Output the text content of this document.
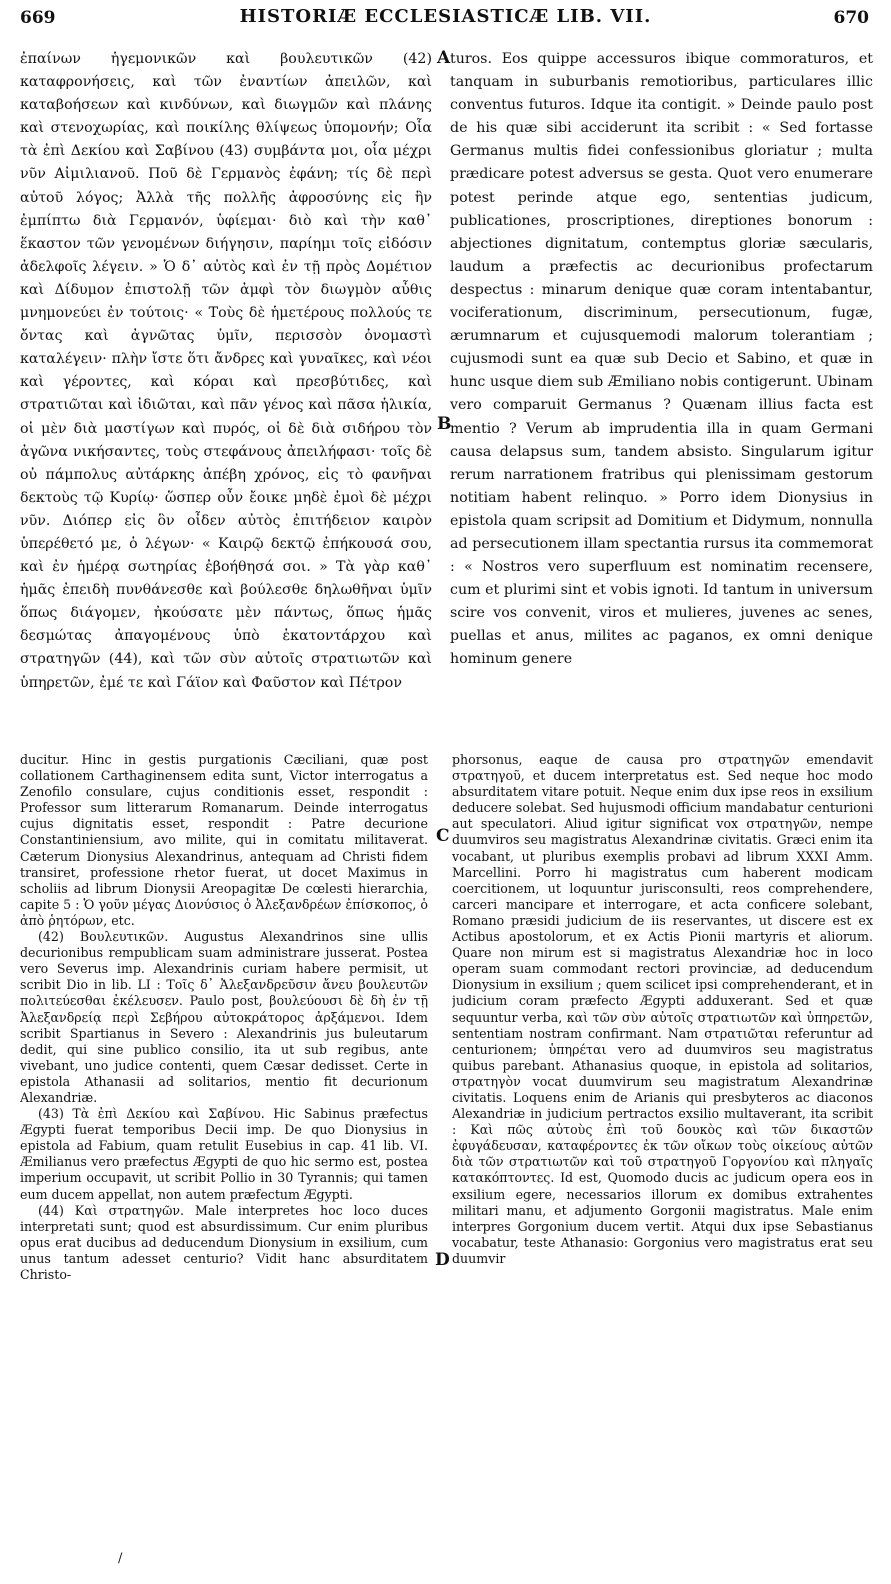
669	HISTORIÆ ECCLESIASTICÆ LIB. VII.	670

ἐπαίνων ἡγεμονικῶν καὶ βουλευτικῶν (42) καταφρονήσεις, καὶ τῶν ἐναντίων ἀπειλῶν, καὶ καταβοήσεων καὶ κινδύνων, καὶ διωγμῶν καὶ πλάνης καὶ στενοχωρίας, καὶ ποικίλης θλίψεως ὑπομονήν; Οἷα τὰ ἐπὶ Δεκίου καὶ Σαβίνου (43) συμβάντα μοι, οἷα μέχρι νῦν Αἰμιλιανοῦ. Ποῦ δὲ Γερμανὸς ἐφάνη; τίς δὲ περὶ αὐτοῦ λόγος; Ἀλλὰ τῆς πολλῆς ἀφροσύνης εἰς ἣν ἐμπίπτω διὰ Γερμανόν, ὑφίεμαι· διὸ καὶ τὴν καθ᾽ ἕκαστον τῶν γενομένων διήγησιν, παρίημι τοῖς εἰδόσιν ἀδελφοῖς λέγειν. » Ὁ δ᾽ αὐτὸς καὶ ἐν τῇ πρὸς Δομέτιον καὶ Δίδυμον ἐπιστολῇ τῶν ἀμφὶ τὸν διωγμὸν αὖθις μνημονεύει ἐν τούτοις· « Τοὺς δὲ ἡμετέρους πολλούς τε ὄντας καὶ ἀγνῶτας ὑμῖν, περισσὸν ὀνομαστὶ καταλέγειν· πλὴν ἴστε ὅτι ἄνδρες καὶ γυναῖκες, καὶ νέοι καὶ γέροντες, καὶ κόραι καὶ πρεσβύτιδες, καὶ στρατιῶται καὶ ἰδιῶται, καὶ πᾶν γένος καὶ πᾶσα ἡλικία, οἱ μὲν διὰ μαστίγων καὶ πυρός, οἱ δὲ διὰ σιδήρου τὸν ἀγῶνα νικήσαντες, τοὺς στεφάνους ἀπειλήφασι· τοῖς δὲ οὐ πάμπολυς αὐτάρκης ἀπέβη χρόνος, εἰς τὸ φανῆναι δεκτοὺς τῷ Κυρίῳ· ὥσπερ οὖν ἔοικε μηδὲ ἐμοὶ δὲ μέχρι νῦν. Διόπερ εἰς ὃν οἶδεν αὐτὸς ἐπιτήδειον καιρὸν ὑπερέθετό με, ὁ λέγων· « Καιρῷ δεκτῷ ἐπήκουσά σου, καὶ ἐν ἡμέρᾳ σωτηρίας ἐβοήθησά σοι. » Τὰ γὰρ καθ᾽ ἡμᾶς ἐπειδὴ πυνθάνεσθε καὶ βούλεσθε δηλωθῆναι ὑμῖν ὅπως διάγομεν, ἠκούσατε μὲν πάντως, ὅπως ἡμᾶς δεσμώτας ἀπαγομένους ὑπὸ ἑκατοντάρχου καὶ στρατηγῶν (44), καὶ τῶν σὺν αὐτοῖς στρατιωτῶν καὶ ὑπηρετῶν, ἐμέ τε καὶ Γάϊον καὶ Φαῦστον καὶ Πέτρον

A
B
C
D

turos. Eos quippe accessuros ibique commoraturos, et tanquam in suburbanis remotioribus, particulares illic conventus futuros. Idque ita contigit. » Deinde paulo post de his quæ sibi acciderunt ita scribit : « Sed fortasse Germanus multis fidei confessionibus gloriatur ; multa prædicare potest adversus se gesta. Quot vero enumerare potest perinde atque ego, sententias judicum, publicationes, proscriptiones, direptiones bonorum : abjectiones dignitatum, contemptus gloriæ sæcularis, laudum a præfectis ac decurionibus profectarum despectus : minarum denique quæ coram intentabantur, vociferationum, discriminum, persecutionum, fugæ, ærumnarum et cujusquemodi malorum tolerantiam ; cujusmodi sunt ea quæ sub Decio et Sabino, et quæ in hunc usque diem sub Æmiliano nobis contigerunt. Ubinam vero comparuit Germanus ? Quænam illius facta est mentio ? Verum ab imprudentia illa in quam Germani causa delapsus sum, tandem absisto. Singularum igitur rerum narrationem fratribus qui plenissimam gestorum notitiam habent relinquo. » Porro idem Dionysius in epistola quam scripsit ad Domitium et Didymum, nonnulla ad persecutionem illam spectantia rursus ita commemorat : « Nostros vero superfluum est nominatim recensere, cum et plurimi sint et vobis ignoti. Id tantum in universum scire vos convenit, viros et mulieres, juvenes ac senes, puellas et anus, milites ac paganos, ex omni denique hominum genere

ducitur. Hinc in gestis purgationis Cæciliani, quæ post collationem Carthaginensem edita sunt, Victor interrogatus a Zenofilo consulare, cujus conditionis esset, respondit : Professor sum litterarum Romanarum. Deinde interrogatus cujus dignitatis esset, respondit : Patre decurione Constantiniensium, avo milite, qui in comitatu militaverat. Cæterum Dionysius Alexandrinus, antequam ad Christi fidem transiret, professione rhetor fuerat, ut docet Maximus in scholiis ad librum Dionysii Areopagitæ De cœlesti hierarchia, capite 5 : Ὁ γοῦν μέγας Διονύσιος ὁ Ἀλεξανδρέων ἐπίσκοπος, ὁ ἀπὸ ῥητόρων, etc.

(42) Βουλευτικῶν. Augustus Alexandrinos sine ullis decurionibus rempublicam suam administrare jusserat. Postea vero Severus imp. Alexandrinis curiam habere permisit, ut scribit Dio in lib. LI : Τοῖς δ᾽ Ἀλεξανδρεῦσιν ἄνευ βουλευτῶν πολιτεύεσθαι ἐκέλευσεν. Paulo post, βουλεύουσι δὲ δὴ ἐν τῇ Ἀλεξανδρείᾳ περὶ Σεβήρου αὐτοκράτορος ἀρξάμενοι. Idem scribit Spartianus in Severo : Alexandrinis jus buleutarum dedit, qui sine publico consilio, ita ut sub regibus, ante vivebant, uno judice contenti, quem Cæsar dedisset. Certe in epistola Athanasii ad solitarios, mentio fit decurionum Alexandriæ.

(43) Τὰ ἐπὶ Δεκίου καὶ Σαβίνου. Hic Sabinus præfectus Ægypti fuerat temporibus Decii imp. De quo Dionysius in epistola ad Fabium, quam retulit Eusebius in cap. 41 lib. VI. Æmilianus vero præfectus Ægypti de quo hic sermo est, postea imperium occupavit, ut scribit Pollio in 30 Tyrannis; qui tamen eum ducem appellat, non autem præfectum Ægypti.

(44) Καὶ στρατηγῶν. Male interpretes hoc loco duces interpretati sunt; quod est absurdissimum. Cur enim pluribus opus erat ducibus ad deducendum Dionysium in exsilium, cum unus tantum adesset centurio? Vidit hanc absurditatem Christo-

phorsonus, eaque de causa pro στρατηγῶν emendavit στρατηγοῦ, et ducem interpretatus est. Sed neque hoc modo absurditatem vitare potuit. Neque enim dux ipse reos in exsilium deducere solebat. Sed hujusmodi officium mandabatur centurioni aut speculatori. Aliud igitur significat vox στρατηγῶν, nempe duumviros seu magistratus Alexandrinæ civitatis. Græci enim ita vocabant, ut pluribus exemplis probavi ad librum XXXI Amm. Marcellini. Porro hi magistratus cum haberent modicam coercitionem, ut loquuntur jurisconsulti, reos comprehendere, carceri mancipare et interrogare, et acta conficere solebant, Romano præsidi judicium de iis reservantes, ut discere est ex Actibus apostolorum, et ex Actis Pionii martyris et aliorum. Quare non mirum est si magistratus Alexandriæ hoc in loco operam suam commodant rectori provinciæ, ad deducendum Dionysium in exsilium ; quem scilicet ipsi comprehenderant, et in judicium coram præfecto Ægypti adduxerant. Sed et quæ sequuntur verba, καὶ τῶν σὺν αὐτοῖς στρατιωτῶν καὶ ὑπηρετῶν, sententiam nostram confirmant. Nam στρατιῶται referuntur ad centurionem; ὑπηρέται vero ad duumviros seu magistratus quibus parebant. Athanasius quoque, in epistola ad solitarios, στρατηγὸν vocat duumvirum seu magistratum Alexandrinæ civitatis. Loquens enim de Arianis qui presbyteros ac diaconos Alexandriæ in judicium pertractos exsilio multaverant, ita scribit : Καὶ πῶς αὐτοὺς ἐπὶ τοῦ δουκὸς καὶ τῶν δικαστῶν ἐφυγάδευσαν, καταφέροντες ἐκ τῶν οἴκων τοὺς οἰκείους αὐτῶν διὰ τῶν στρατιωτῶν καὶ τοῦ στρατηγοῦ Γοργονίου καὶ πληγαῖς κατακόπτοντες. Id est, Quomodo ducis ac judicum opera eos in exsilium egere, necessarios illorum ex domibus extrahentes militari manu, et adjumento Gorgonii magistratus. Male enim interpres Gorgonium ducem vertit. Atqui dux ipse Sebastianus vocabatur, teste Athanasio: Gorgonius vero magistratus erat seu duumvir

/
